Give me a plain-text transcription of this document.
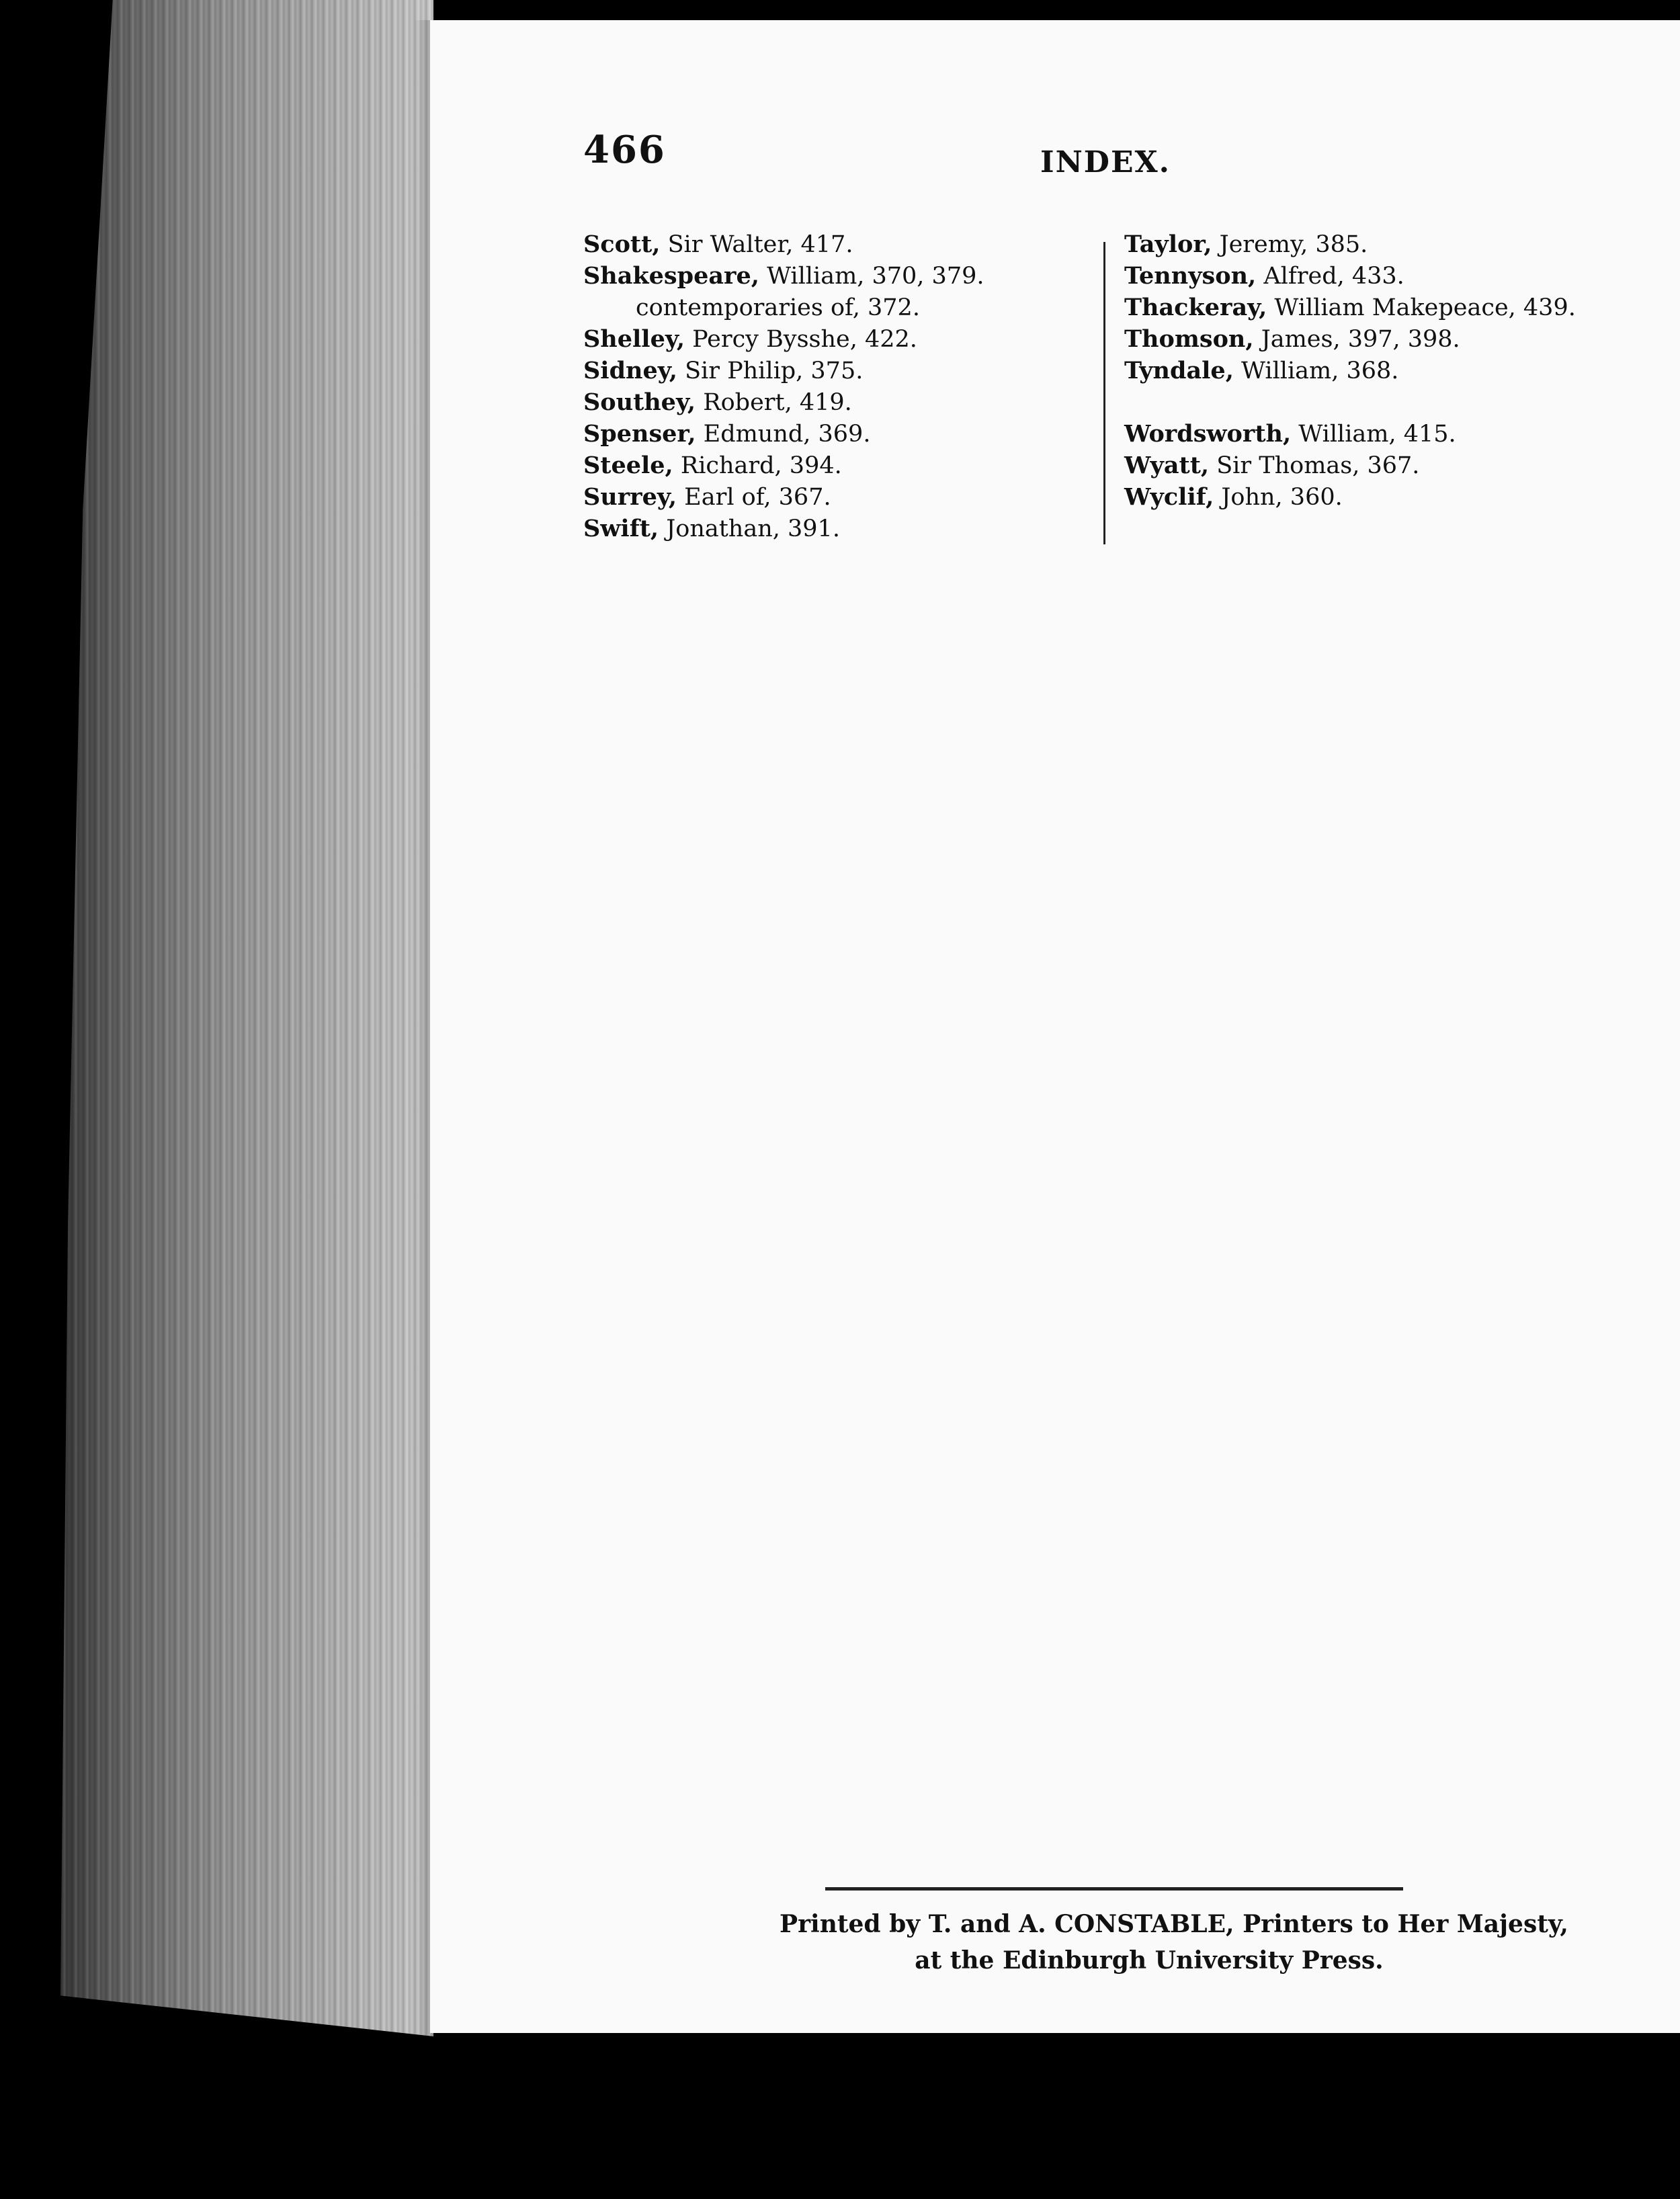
466	INDEX.
Scott, Sir Walter, 417.
Shakespeare, William, 370, 379.
contemporaries of, 372.
Shelley, Percy Bysshe, 422.
Sidney, Sir Philip, 375.
Southey, Robert, 419.
Spenser, Edmund, 369.
Steele, Richard, 394.
Surrey, Earl of, 367.
Swift, Jonathan, 391.
Taylor, Jeremy, 385.
Tennyson, Alfred, 433.
Thackeray, William Makepeace, 439.
Thomson, James, 397, 398.
Tyndale, William, 368.
Wordsworth, William, 415.
Wyatt, Sir Thomas, 367.
Wyclif, John, 360.
Printed by T. and A. CONSTABLE, Printers to Her Majesty,
at the Edinburgh University Press.
